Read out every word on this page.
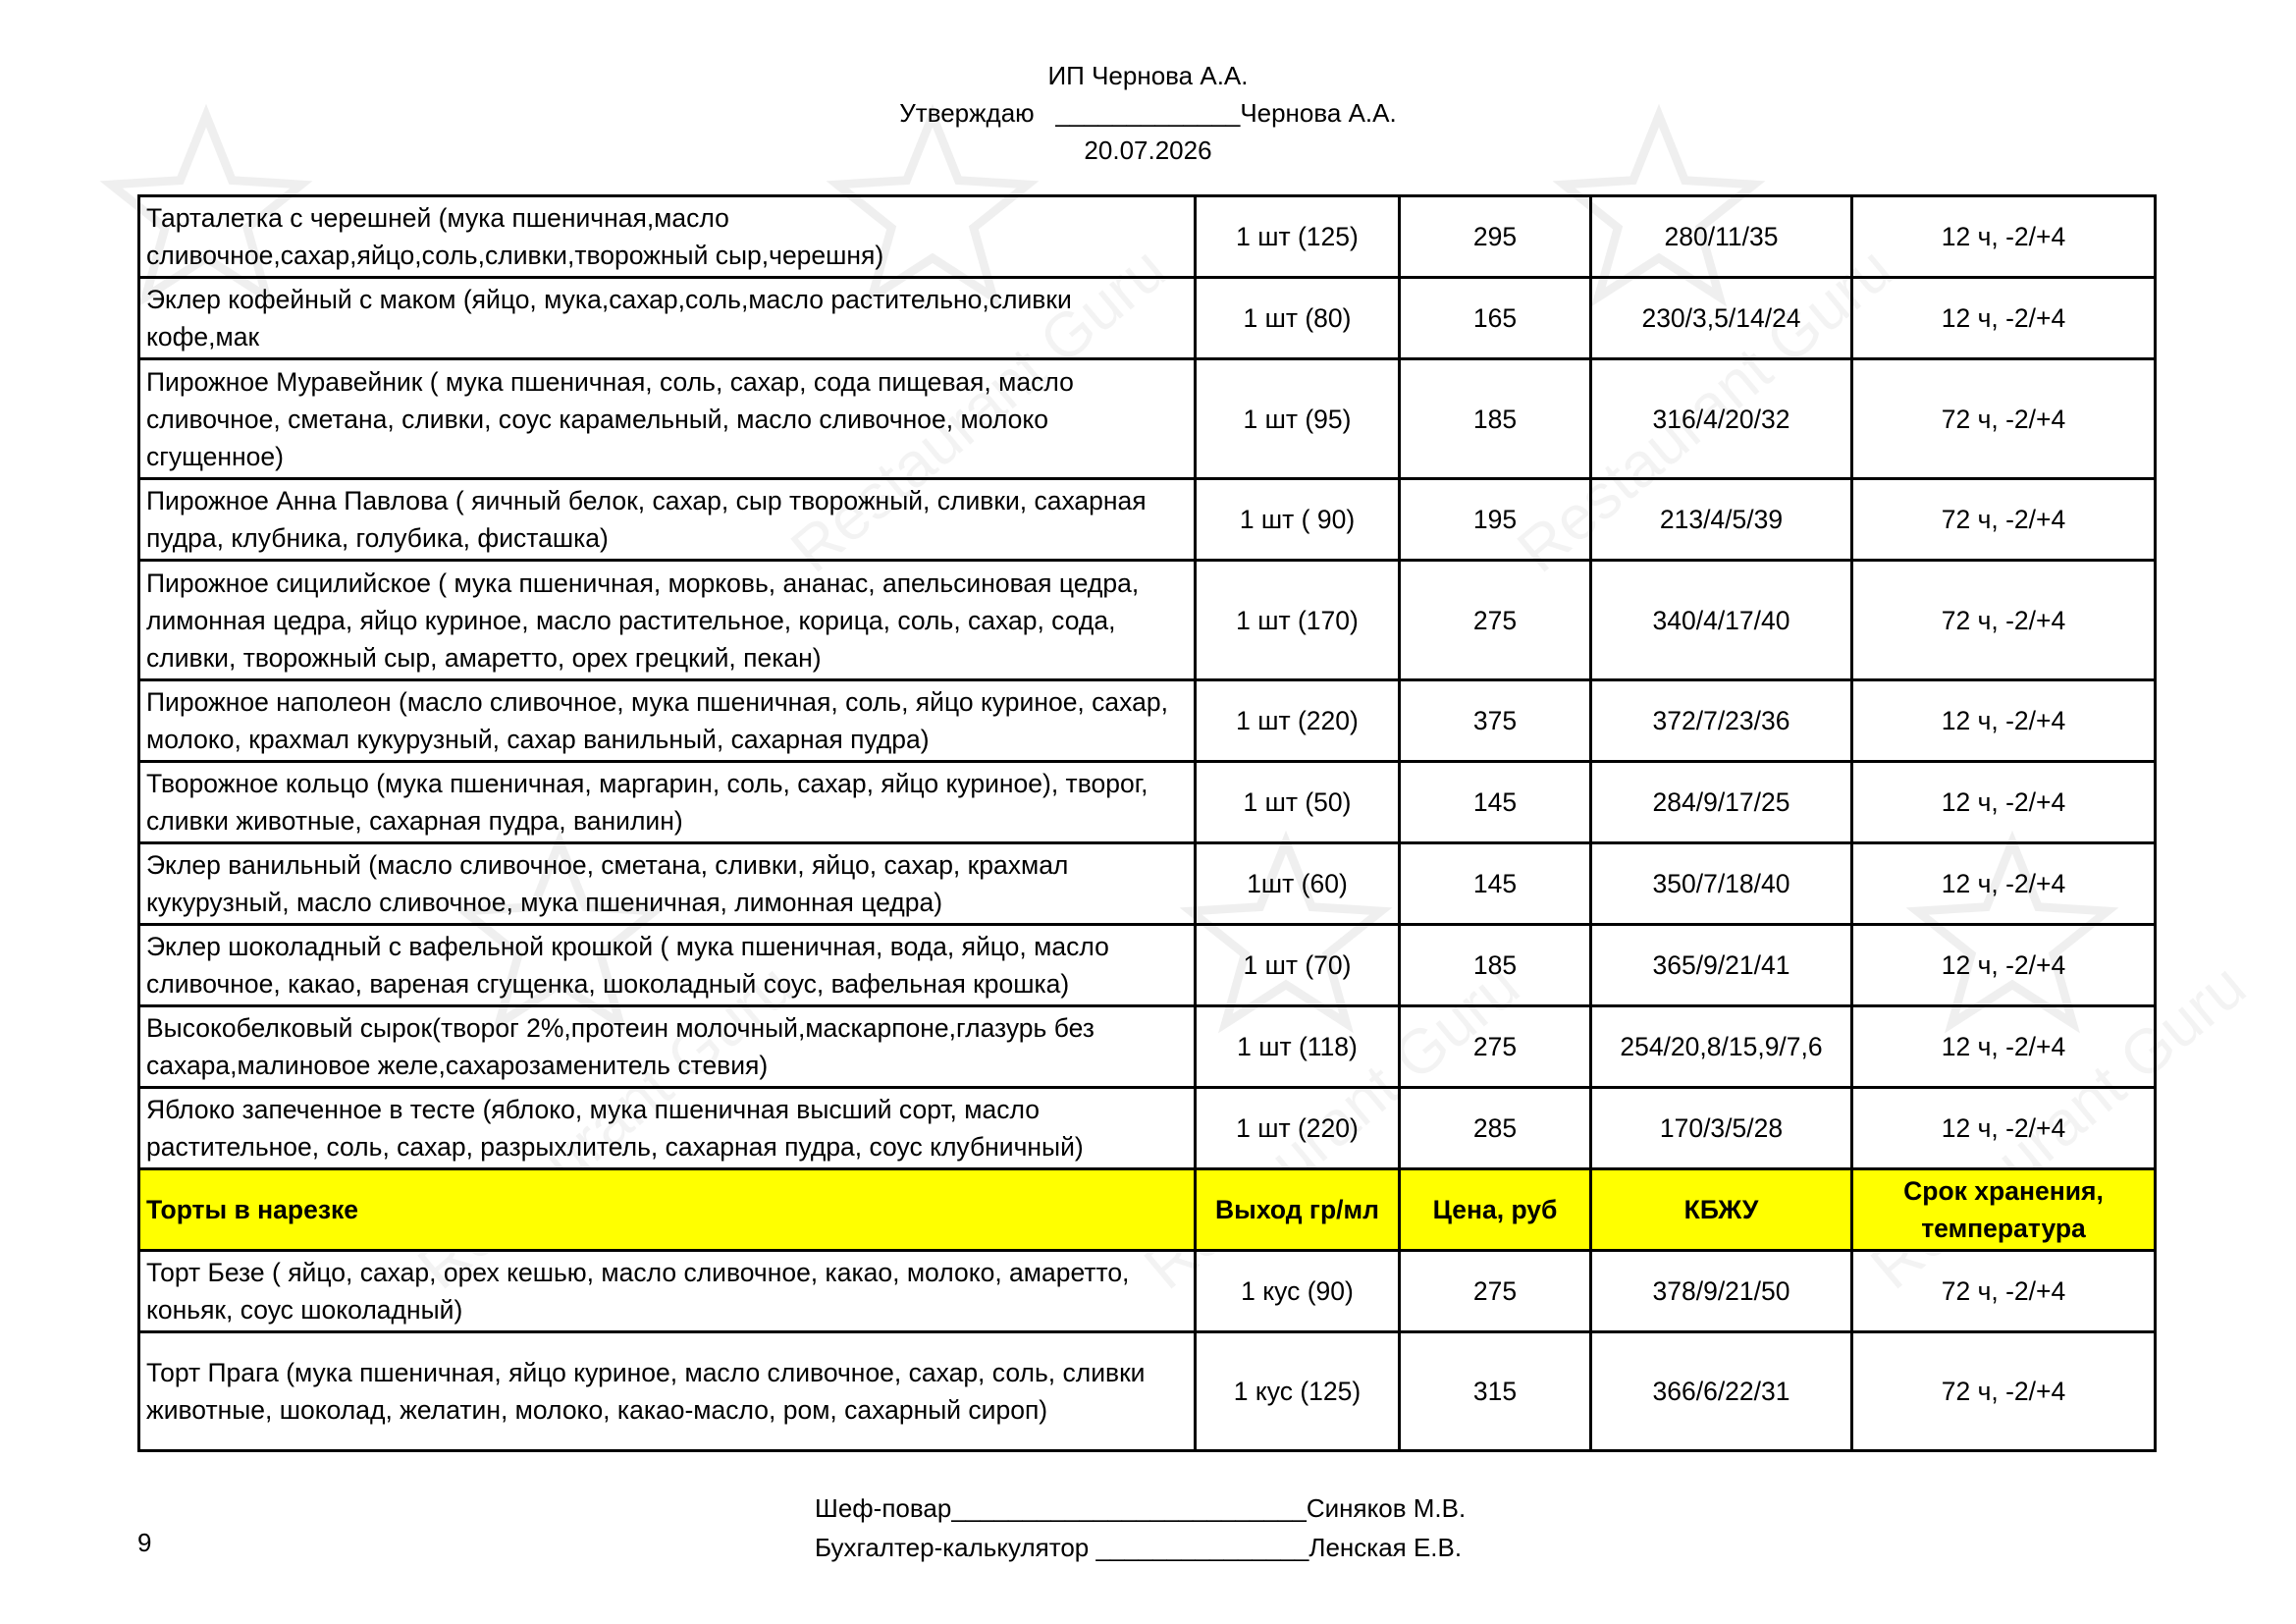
ИП Чернова А.А.
Утверждаю _____________Чернова А.А.
20.07.2026
Тарталетка с черешней (мука пшеничная,масло сливочное,сахар,яйцо,соль,сливки,творожный сыр,черешня)	1 шт (125)	295	280/11/35	12 ч, -2/+4
Эклер кофейный с маком (яйцо, мука,сахар,соль,масло растительно,сливки кофе,мак	1 шт (80)	165	230/3,5/14/24	12 ч, -2/+4
Пирожное Муравейник ( мука пшеничная, соль, сахар, сода пищевая, масло сливочное, сметана, сливки, соус карамельный, масло сливочное, молоко сгущенное)	1 шт (95)	185	316/4/20/32	72 ч, -2/+4
Пирожное Анна Павлова ( яичный белок, сахар, сыр творожный, сливки, сахарная пудра, клубника, голубика, фисташка)	1 шт ( 90)	195	213/4/5/39	72 ч, -2/+4
Пирожное сицилийское ( мука пшеничная, морковь, ананас, апельсиновая цедра, лимонная цедра, яйцо куриное, масло растительное, корица, соль, сахар, сода, сливки, творожный сыр, амаретто, орех грецкий, пекан)	1 шт (170)	275	340/4/17/40	72 ч, -2/+4
Пирожное наполеон (масло сливочное, мука пшеничная, соль, яйцо куриное, сахар, молоко, крахмал кукурузный, сахар ванильный, сахарная пудра)	1 шт (220)	375	372/7/23/36	12 ч, -2/+4
Творожное кольцо (мука пшеничная, маргарин, соль, сахар, яйцо куриное), творог, сливки животные, сахарная пудра, ванилин)	1 шт (50)	145	284/9/17/25	12 ч, -2/+4
Эклер ванильный (масло сливочное, сметана, сливки, яйцо, сахар, крахмал кукурузный, масло сливочное, мука пшеничная, лимонная цедра)	1шт (60)	145	350/7/18/40	12 ч, -2/+4
Эклер шоколадный с вафельной крошкой ( мука пшеничная, вода, яйцо, масло сливочное, какао, вареная сгущенка, шоколадный соус, вафельная крошка)	1 шт (70)	185	365/9/21/41	12 ч, -2/+4
Высокобелковый сырок(творог 2%,протеин молочный,маскарпоне,глазурь без сахара,малиновое желе,сахарозаменитель стевия)	1 шт (118)	275	254/20,8/15,9/7,6	12 ч, -2/+4
Яблоко запеченное в тесте (яблоко, мука пшеничная высший сорт, масло растительное, соль, сахар, разрыхлитель, сахарная пудра, соус клубничный)	1 шт (220)	285	170/3/5/28	12 ч, -2/+4
Торты в нарезке	Выход гр/мл	Цена, руб	КБЖУ	Срок хранения, температура
Торт Безе ( яйцо, сахар, орех кешью, масло сливочное, какао, молоко, амаретто, коньяк, соус шоколадный)	1 кус (90)	275	378/9/21/50	72 ч, -2/+4
Торт Прага (мука пшеничная, яйцо куриное, масло сливочное, сахар, соль, сливки животные, шоколад, желатин, молоко, какао-масло, ром, сахарный сироп)	1 кус (125)	315	366/6/22/31	72 ч, -2/+4
Шеф-повар_________________________Синяков М.В.
Бухгалтер-калькулятор _______________Ленская Е.В.
9
